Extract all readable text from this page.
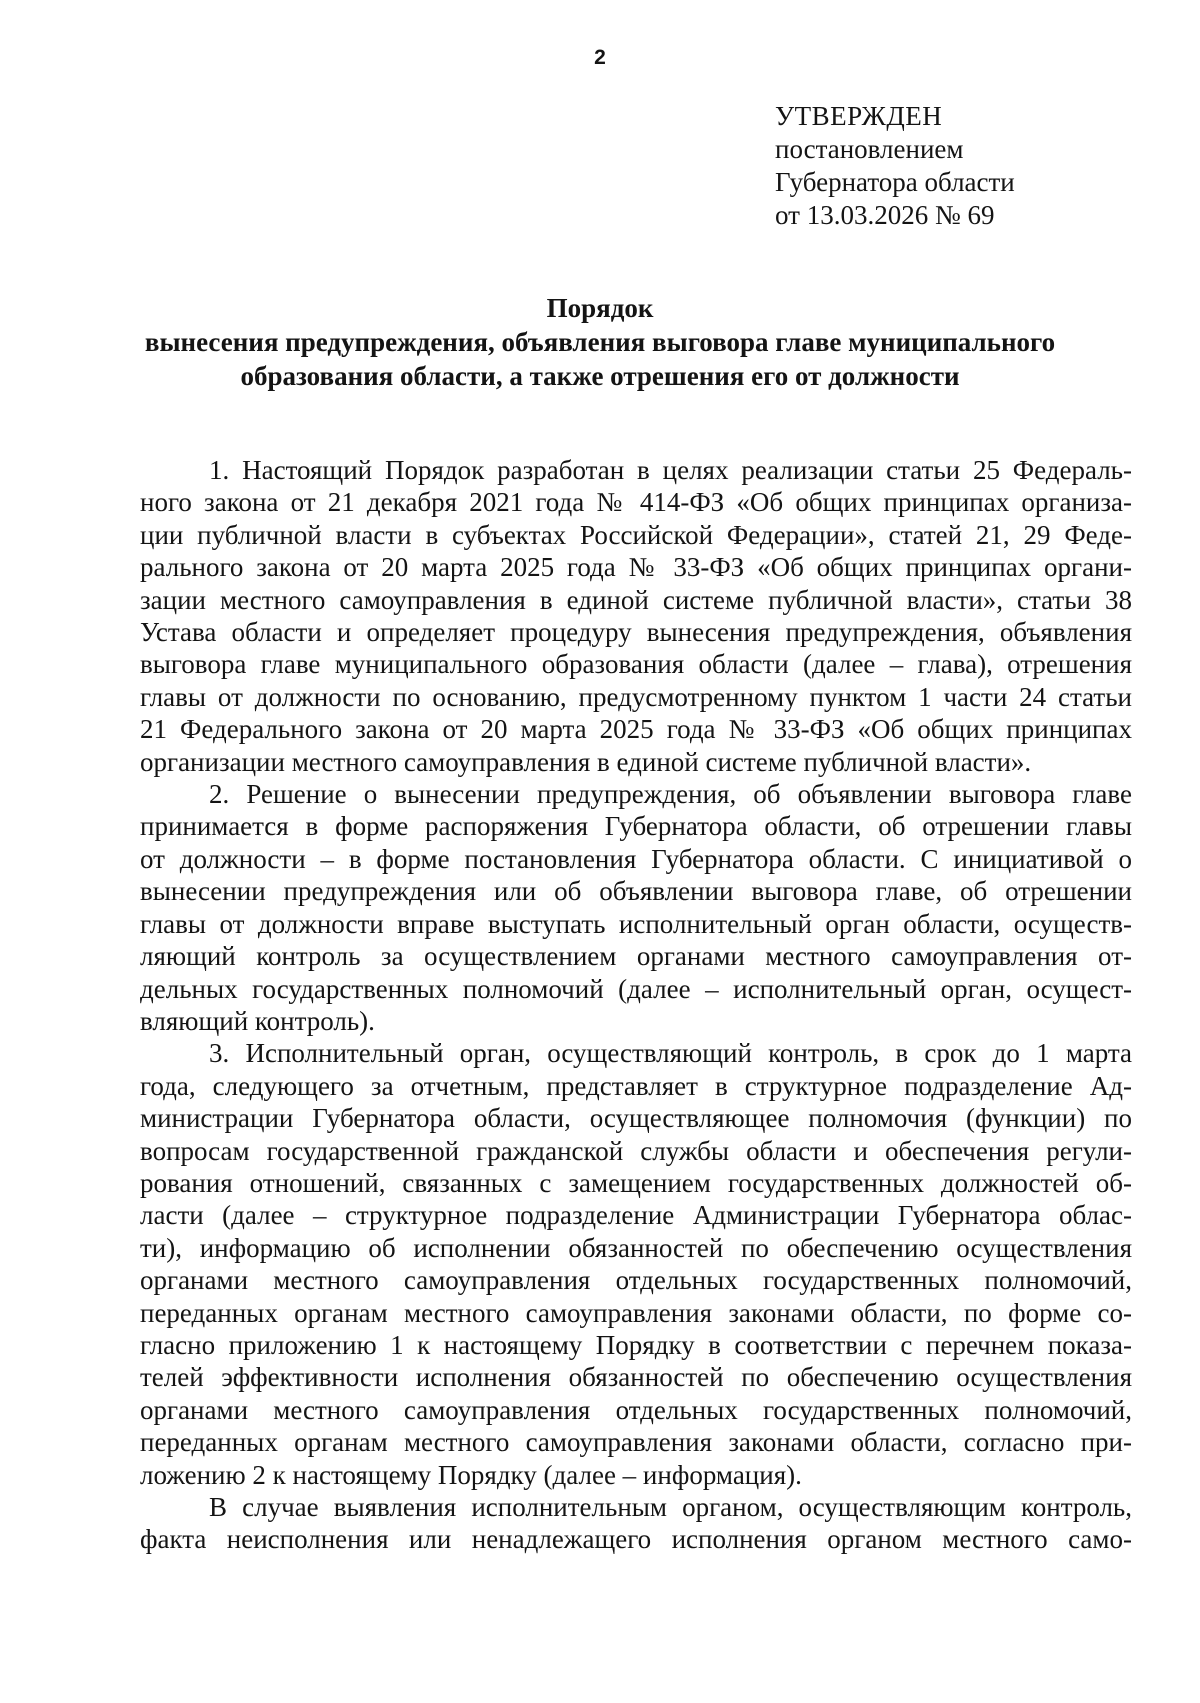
2
УТВЕРЖДЕН
постановлением
Губернатора области
от 13.03.2026 № 69
Порядок
вынесения предупреждения, объявления выговора главе муниципального
образования области, а также отрешения его от должности
1. Настоящий Порядок разработан в целях реализации статьи 25 Федераль-
ного закона от 21 декабря 2021 года № 414-ФЗ «Об общих принципах организа-
ции публичной власти в субъектах Российской Федерации», статей 21, 29 Феде-
рального закона от 20 марта 2025 года № 33-ФЗ «Об общих принципах органи-
зации местного самоуправления в единой системе публичной власти», статьи 38
Устава области и определяет процедуру вынесения предупреждения, объявления
выговора главе муниципального образования области (далее – глава), отрешения
главы от должности по основанию, предусмотренному пунктом 1 части 24 статьи
21 Федерального закона от 20 марта 2025 года № 33-ФЗ «Об общих принципах
организации местного самоуправления в единой системе публичной власти».
2. Решение о вынесении предупреждения, об объявлении выговора главе
принимается в форме распоряжения Губернатора области, об отрешении главы
от должности – в форме постановления Губернатора области. С инициативой о
вынесении предупреждения или об объявлении выговора главе, об отрешении
главы от должности вправе выступать исполнительный орган области, осуществ-
ляющий контроль за осуществлением органами местного самоуправления от-
дельных государственных полномочий (далее – исполнительный орган, осущест-
вляющий контроль).
3. Исполнительный орган, осуществляющий контроль, в срок до 1 марта
года, следующего за отчетным, представляет в структурное подразделение Ад-
министрации Губернатора области, осуществляющее полномочия (функции) по
вопросам государственной гражданской службы области и обеспечения регули-
рования отношений, связанных с замещением государственных должностей об-
ласти (далее – структурное подразделение Администрации Губернатора облас-
ти), информацию об исполнении обязанностей по обеспечению осуществления
органами местного самоуправления отдельных государственных полномочий,
переданных органам местного самоуправления законами области, по форме со-
гласно приложению 1 к настоящему Порядку в соответствии с перечнем показа-
телей эффективности исполнения обязанностей по обеспечению осуществления
органами местного самоуправления отдельных государственных полномочий,
переданных органам местного самоуправления законами области, согласно при-
ложению 2 к настоящему Порядку (далее – информация).
В случае выявления исполнительным органом, осуществляющим контроль,
факта неисполнения или ненадлежащего исполнения органом местного само-
